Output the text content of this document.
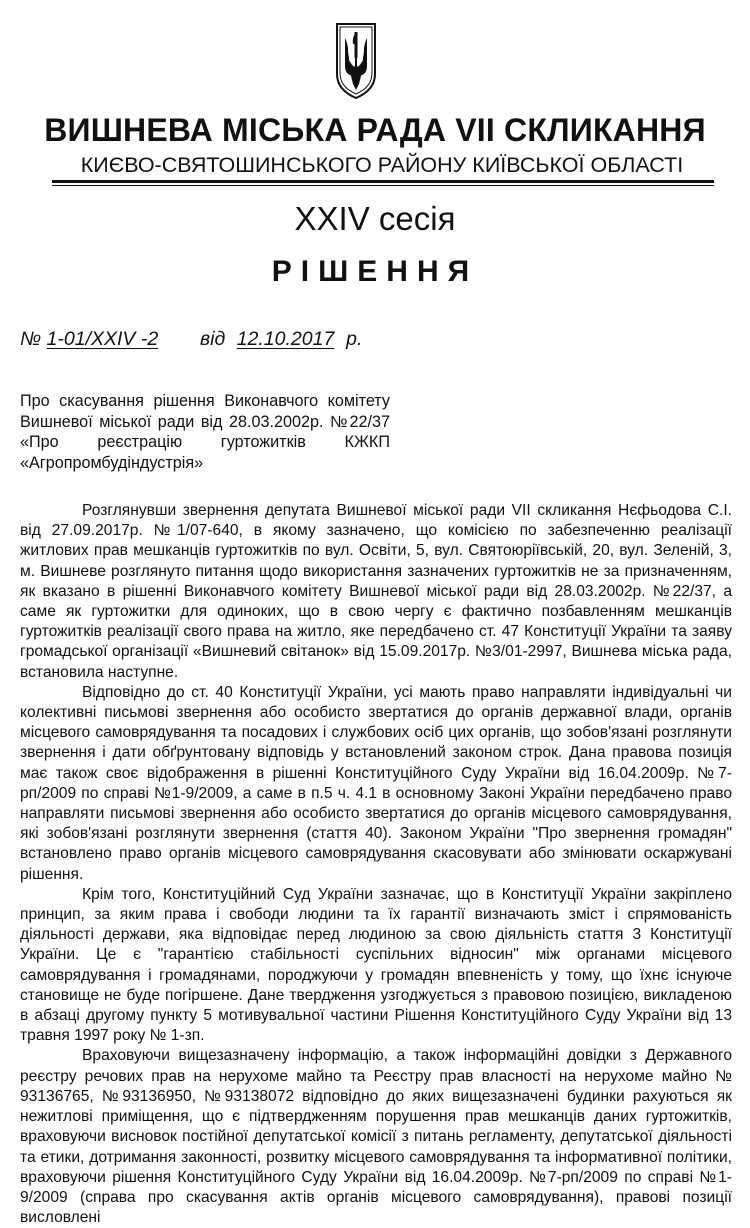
ВИШНЕВА МІСЬКА РАДА VII СКЛИКАННЯ
КИЄВО-СВЯТОШИНСЬКОГО РАЙОНУ КИЇВСЬКОЇ ОБЛАСТІ
XXIV сесія
РІШЕННЯ
№ 1-01/XXIV -2 від 12.10.2017 р.
Про скасування рішення Виконавчого комітету Вишневої міської ради від 28.03.2002р. №22/37 «Про реєстрацію гуртожитків КЖКП «Агропромбудіндустрія»

Розглянувши звернення депутата Вишневої міської ради VII скликання Нєфьодова С.І. від 27.09.2017р. №1/07-640, в якому зазначено, що комісією по забезпеченню реалізації житлових прав мешканців гуртожитків по вул. Освіти, 5, вул. Святоюріївській, 20, вул. Зеленій, 3, м. Вишневе розглянуто питання щодо використання зазначених гуртожитків не за призначенням, як вказано в рішенні Виконавчого комітету Вишневої міської ради від 28.03.2002р. №22/37, а саме як гуртожитки для одиноких, що в свою чергу є фактично позбавленням мешканців гуртожитків реалізації свого права на житло, яке передбачено ст. 47 Конституції України та заяву громадської організації «Вишневий світанок» від 15.09.2017р. №3/01-2997, Вишнева міська рада, встановила наступне.

Відповідно до ст. 40 Конституції України, усі мають право направляти індивідуальні чи колективні письмові звернення або особисто звертатися до органів державної влади, органів місцевого самоврядування та посадових і службових осіб цих органів, що зобов'язані розглянути звернення і дати обґрунтовану відповідь у встановлений законом строк. Дана правова позиція має також своє відображення в рішенні Конституційного Суду України від 16.04.2009р. №7-рп/2009 по справі №1-9/2009, а саме в п.5 ч. 4.1 в основному Законі України передбачено право направляти письмові звернення або особисто звертатися до органів місцевого самоврядування, які зобов'язані розглянути звернення (стаття 40). Законом України "Про звернення громадян" встановлено право органів місцевого самоврядування скасовувати або змінювати оскаржувані рішення.

Крім того, Конституційний Суд України зазначає, що в Конституції України закріплено принцип, за яким права і свободи людини та їх гарантії визначають зміст і спрямованість діяльності держави, яка відповідає перед людиною за свою діяльність стаття 3 Конституції України. Це є "гарантією стабільності суспільних відносин" між органами місцевого самоврядування і громадянами, породжуючи у громадян впевненість у тому, що їхнє існуюче становище не буде погіршене. Дане твердження узгоджується з правовою позицією, викладеною в абзаці другому пункту 5 мотивувальної частини Рішення Конституційного Суду України від 13 травня 1997 року № 1-зп.

Враховуючи вищезазначену інформацію, а також інформаційні довідки з Державного реєстру речових прав на нерухоме майно та Реєстру прав власності на нерухоме майно № 93136765, №93136950, №93138072 відповідно до яких вищезазначені будинки рахуються як нежитлові приміщення, що є підтвердженням порушення прав мешканців даних гуртожитків, враховуючи висновок постійної депутатської комісії з питань регламенту, депутатської діяльності та етики, дотримання законності, розвитку місцевого самоврядування та інформативної політики, враховуючи рішення Конституційного Суду України від 16.04.2009р. №7-рп/2009 по справі №1-9/2009 (справа про скасування актів органів місцевого самоврядування), правові позиції висловлені
